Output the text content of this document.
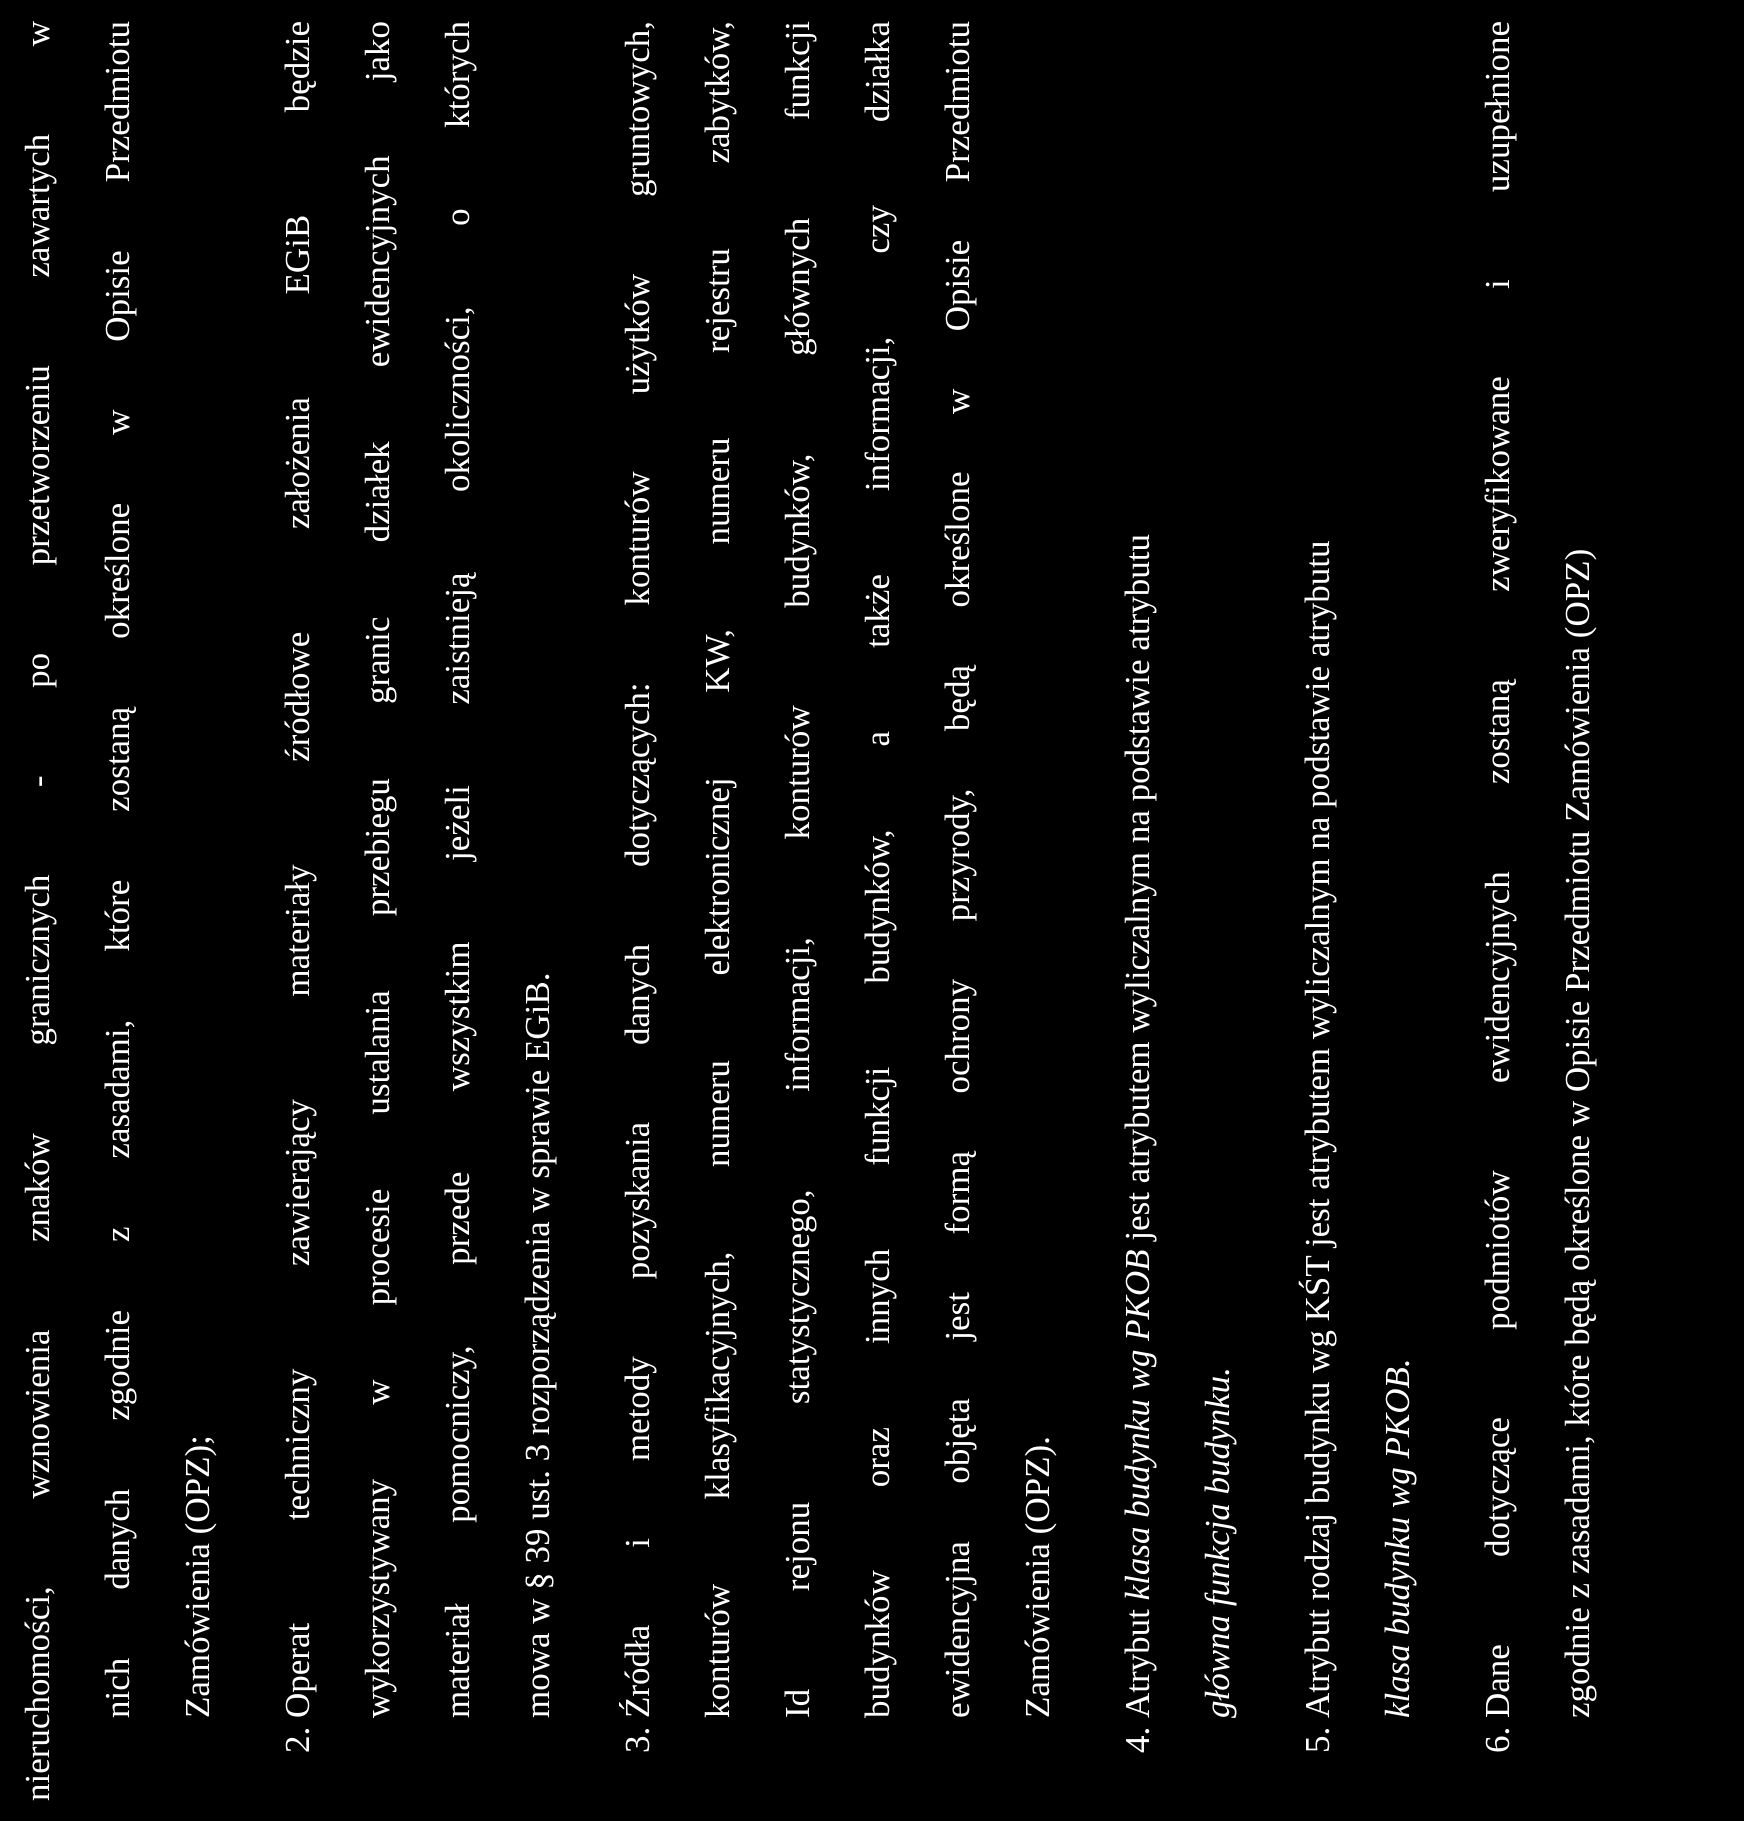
nieruchomości, wznowienia znaków granicznych - po przetworzeniu zawartych w nich danych zgodnie z zasadami, które zostaną określone w Opisie Przedmiotu Zamówienia (OPZ);
2.
Operat techniczny zawierający materiały źródłowe założenia EGiB będzie wykorzystywany w procesie ustalania przebiegu granic działek ewidencyjnych jako materiał pomocniczy, przede wszystkim jeżeli zaistnieją okoliczności, o których mowa w § 39 ust. 3 rozporządzenia w sprawie EGiB.
3.
Źródła i metody pozyskania danych dotyczących: konturów użytków gruntowych, konturów klasyfikacyjnych, numeru elektronicznej KW, numeru rejestru zabytków, Id rejonu statystycznego, informacji, konturów budynków, głównych funkcji budynków oraz innych funkcji budynków, a także informacji, czy działka ewidencyjna objęta jest formą ochrony przyrody, będą określone w Opisie Przedmiotu Zamówienia (OPZ).
4.
Atrybut klasa budynku wg PKOB jest atrybutem wyliczalnym na podstawie atrybutu
główna funkcja budynku.
5.
Atrybut rodzaj budynku wg KŚT jest atrybutem wyliczalnym na podstawie atrybutu klasa budynku wg PKOB.
6.
Dane dotyczące podmiotów ewidencyjnych zostaną zweryfikowane i uzupełnione zgodnie z zasadami, które będą określone w Opisie Przedmiotu Zamówienia (OPZ)
